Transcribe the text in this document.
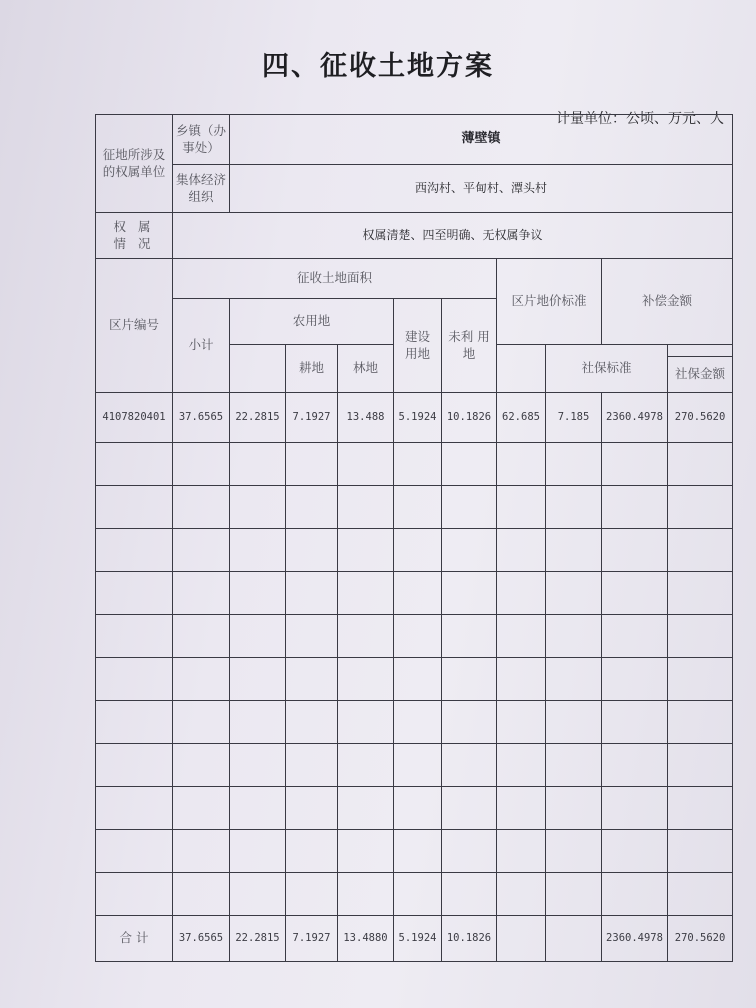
四、征收土地方案
计量单位：公顷、万元、人
征地所涉及的权属单位	乡镇（办事处）	薄壁镇								

	集体经济组织	西沟村、平甸村、潭头村								

权 属 情 况	权属清楚、四至明确、无权属争议									
区片编号	征收土地面积						区片地价标准		补偿金额	
	小计	农用地			建设用地	未利 用地				

			耕地	林地				社保标准		
										社保金额
4107820401	37.6565	22.2815	7.1927	13.488	5.1924	10.1826	62.685	7.185	2360.4978	270.5620

合 计	37.6565	22.2815	7.1927	13.4880	5.1924	10.1826			2360.4978	270.5620
